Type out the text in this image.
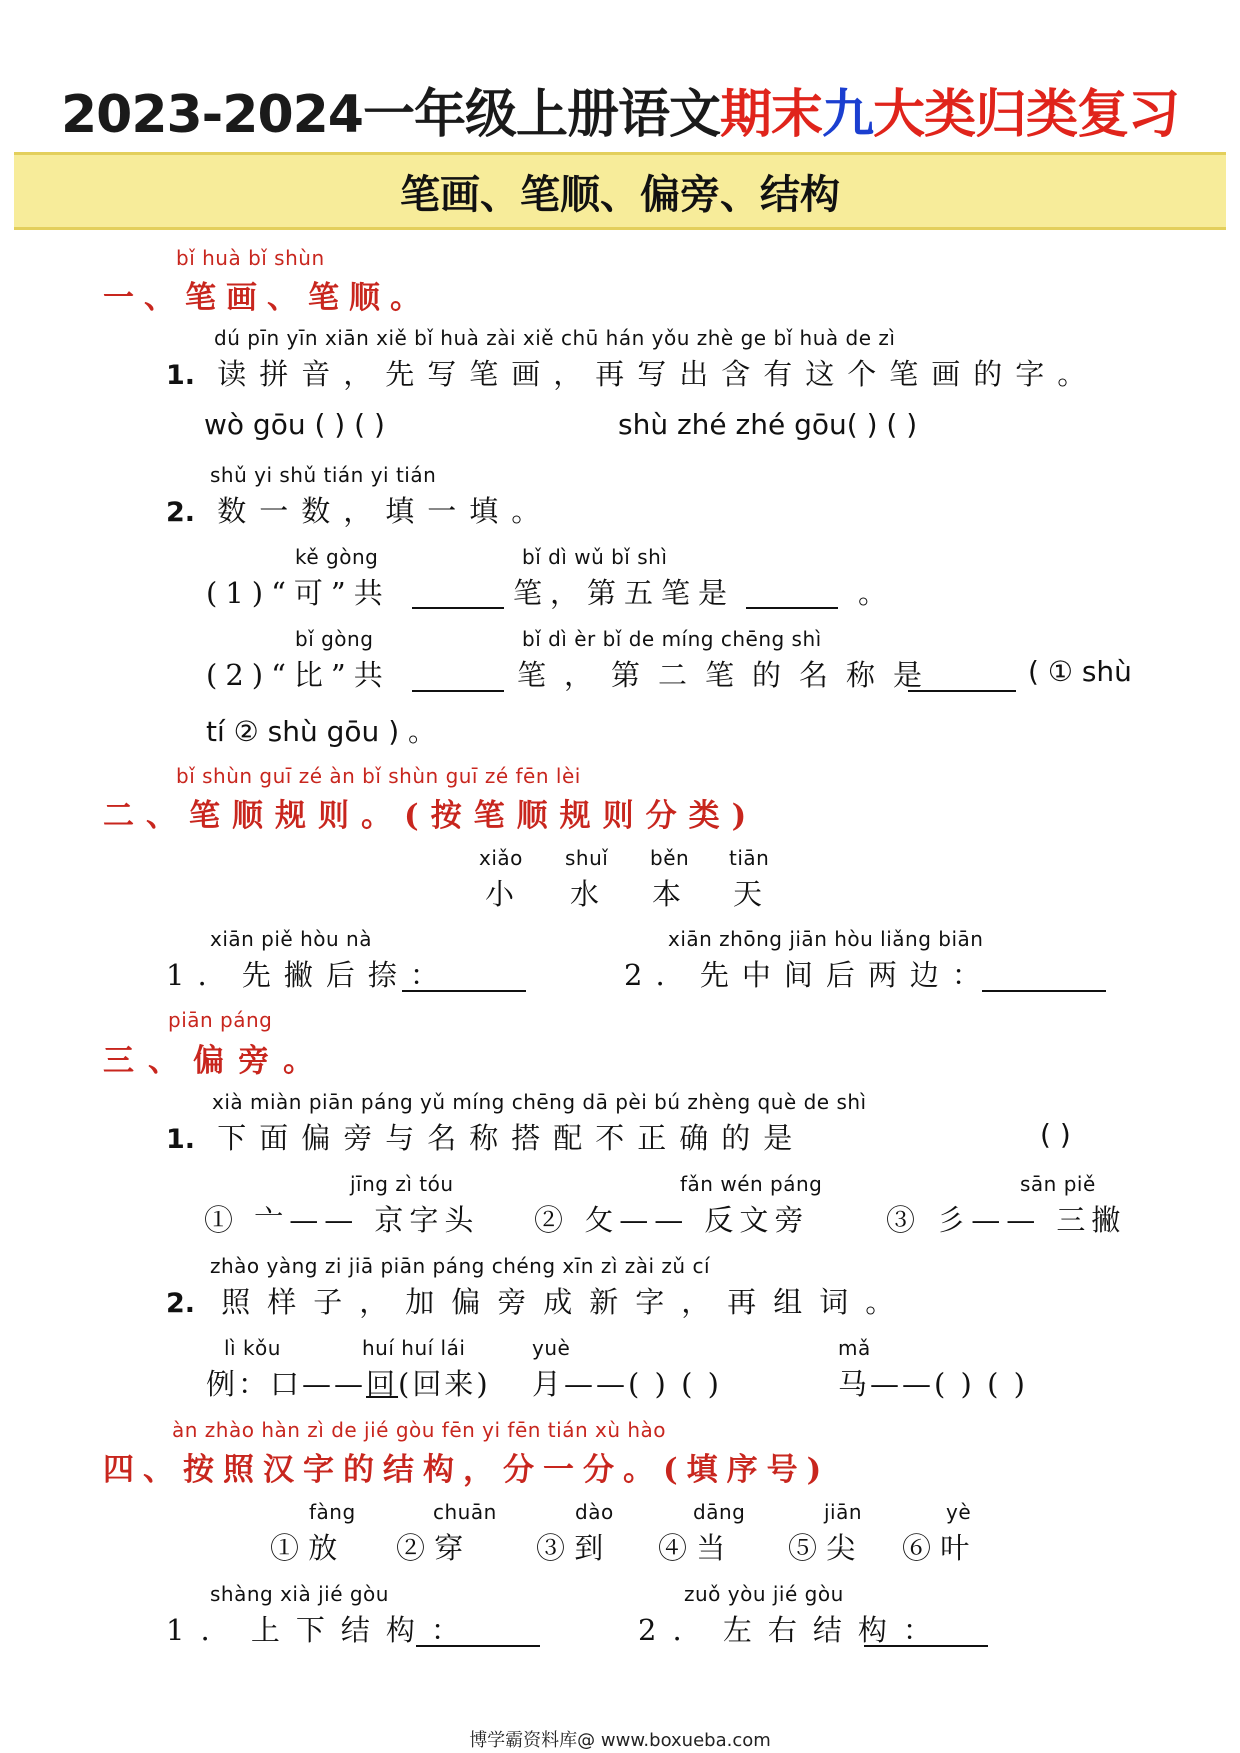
2023-2024一年级上册语文期末九大类归类复习
笔画、笔顺、偏旁、结构
bǐ huà bǐ shùn
一、笔画、笔顺。
dú pīn yīn xiān xiě bǐ huà zài xiě chū hán yǒu zhè ge bǐ huà de zì
1. 读拼音，先写笔画，再写出含有这个笔画的字。
wò gōu ( ) ( )	shù zhé zhé gōu( ) ( )
shǔ yi shǔ tián yi tián
2. 数一数，填一填。
kě gòng	bǐ dì wǔ bǐ shì
(1)“可”共	笔，第五笔是	。
bǐ gòng	bǐ dì èr bǐ de míng chēng shì
(2)“比”共	笔，第二笔的名称是	( ① shù
tí ② shù gōu ) 。
bǐ shùn guī zé àn bǐ shùn guī zé fēn lèi
二、笔顺规则。(按笔顺规则分类)
xiǎo shuǐ běn tiān
小 水 本 天
xiān piě hòu nà
1. 先撇后捺：
xiān zhōng jiān hòu liǎng biān
2. 先中间后两边：
piān páng
三、偏旁。
xià miàn piān páng yǔ míng chēng dā pèi bú zhèng què de shì
1. 下面偏旁与名称搭配不正确的是	( )
jīng zì tóu
① 亠—— 京字头
fǎn wén páng
② 攵—— 反文旁
sān piě
③ 彡—— 三撇
zhào yàng zi jiā piān páng chéng xīn zì zài zǔ cí
2. 照样子，加偏旁成新字，再组词。
lì kǒu	huí huí lái	yuè	mǎ
例：口——回(回来) 月——( ) ( )	马——( ) ( )
àn zhào hàn zì de jié gòu fēn yi fēn tián xù hào
四、按照汉字的结构，分一分。(填序号)
fàng	chuān	dào	dāng	jiān	yè
① 放 ② 穿	③ 到 ④ 当 ⑤ 尖 ⑥ 叶
shàng xià jié gòu
1. 上下结构：
zuǒ yòu jié gòu
2. 左右结构：
博学霸资料库@ www.boxueba.com
